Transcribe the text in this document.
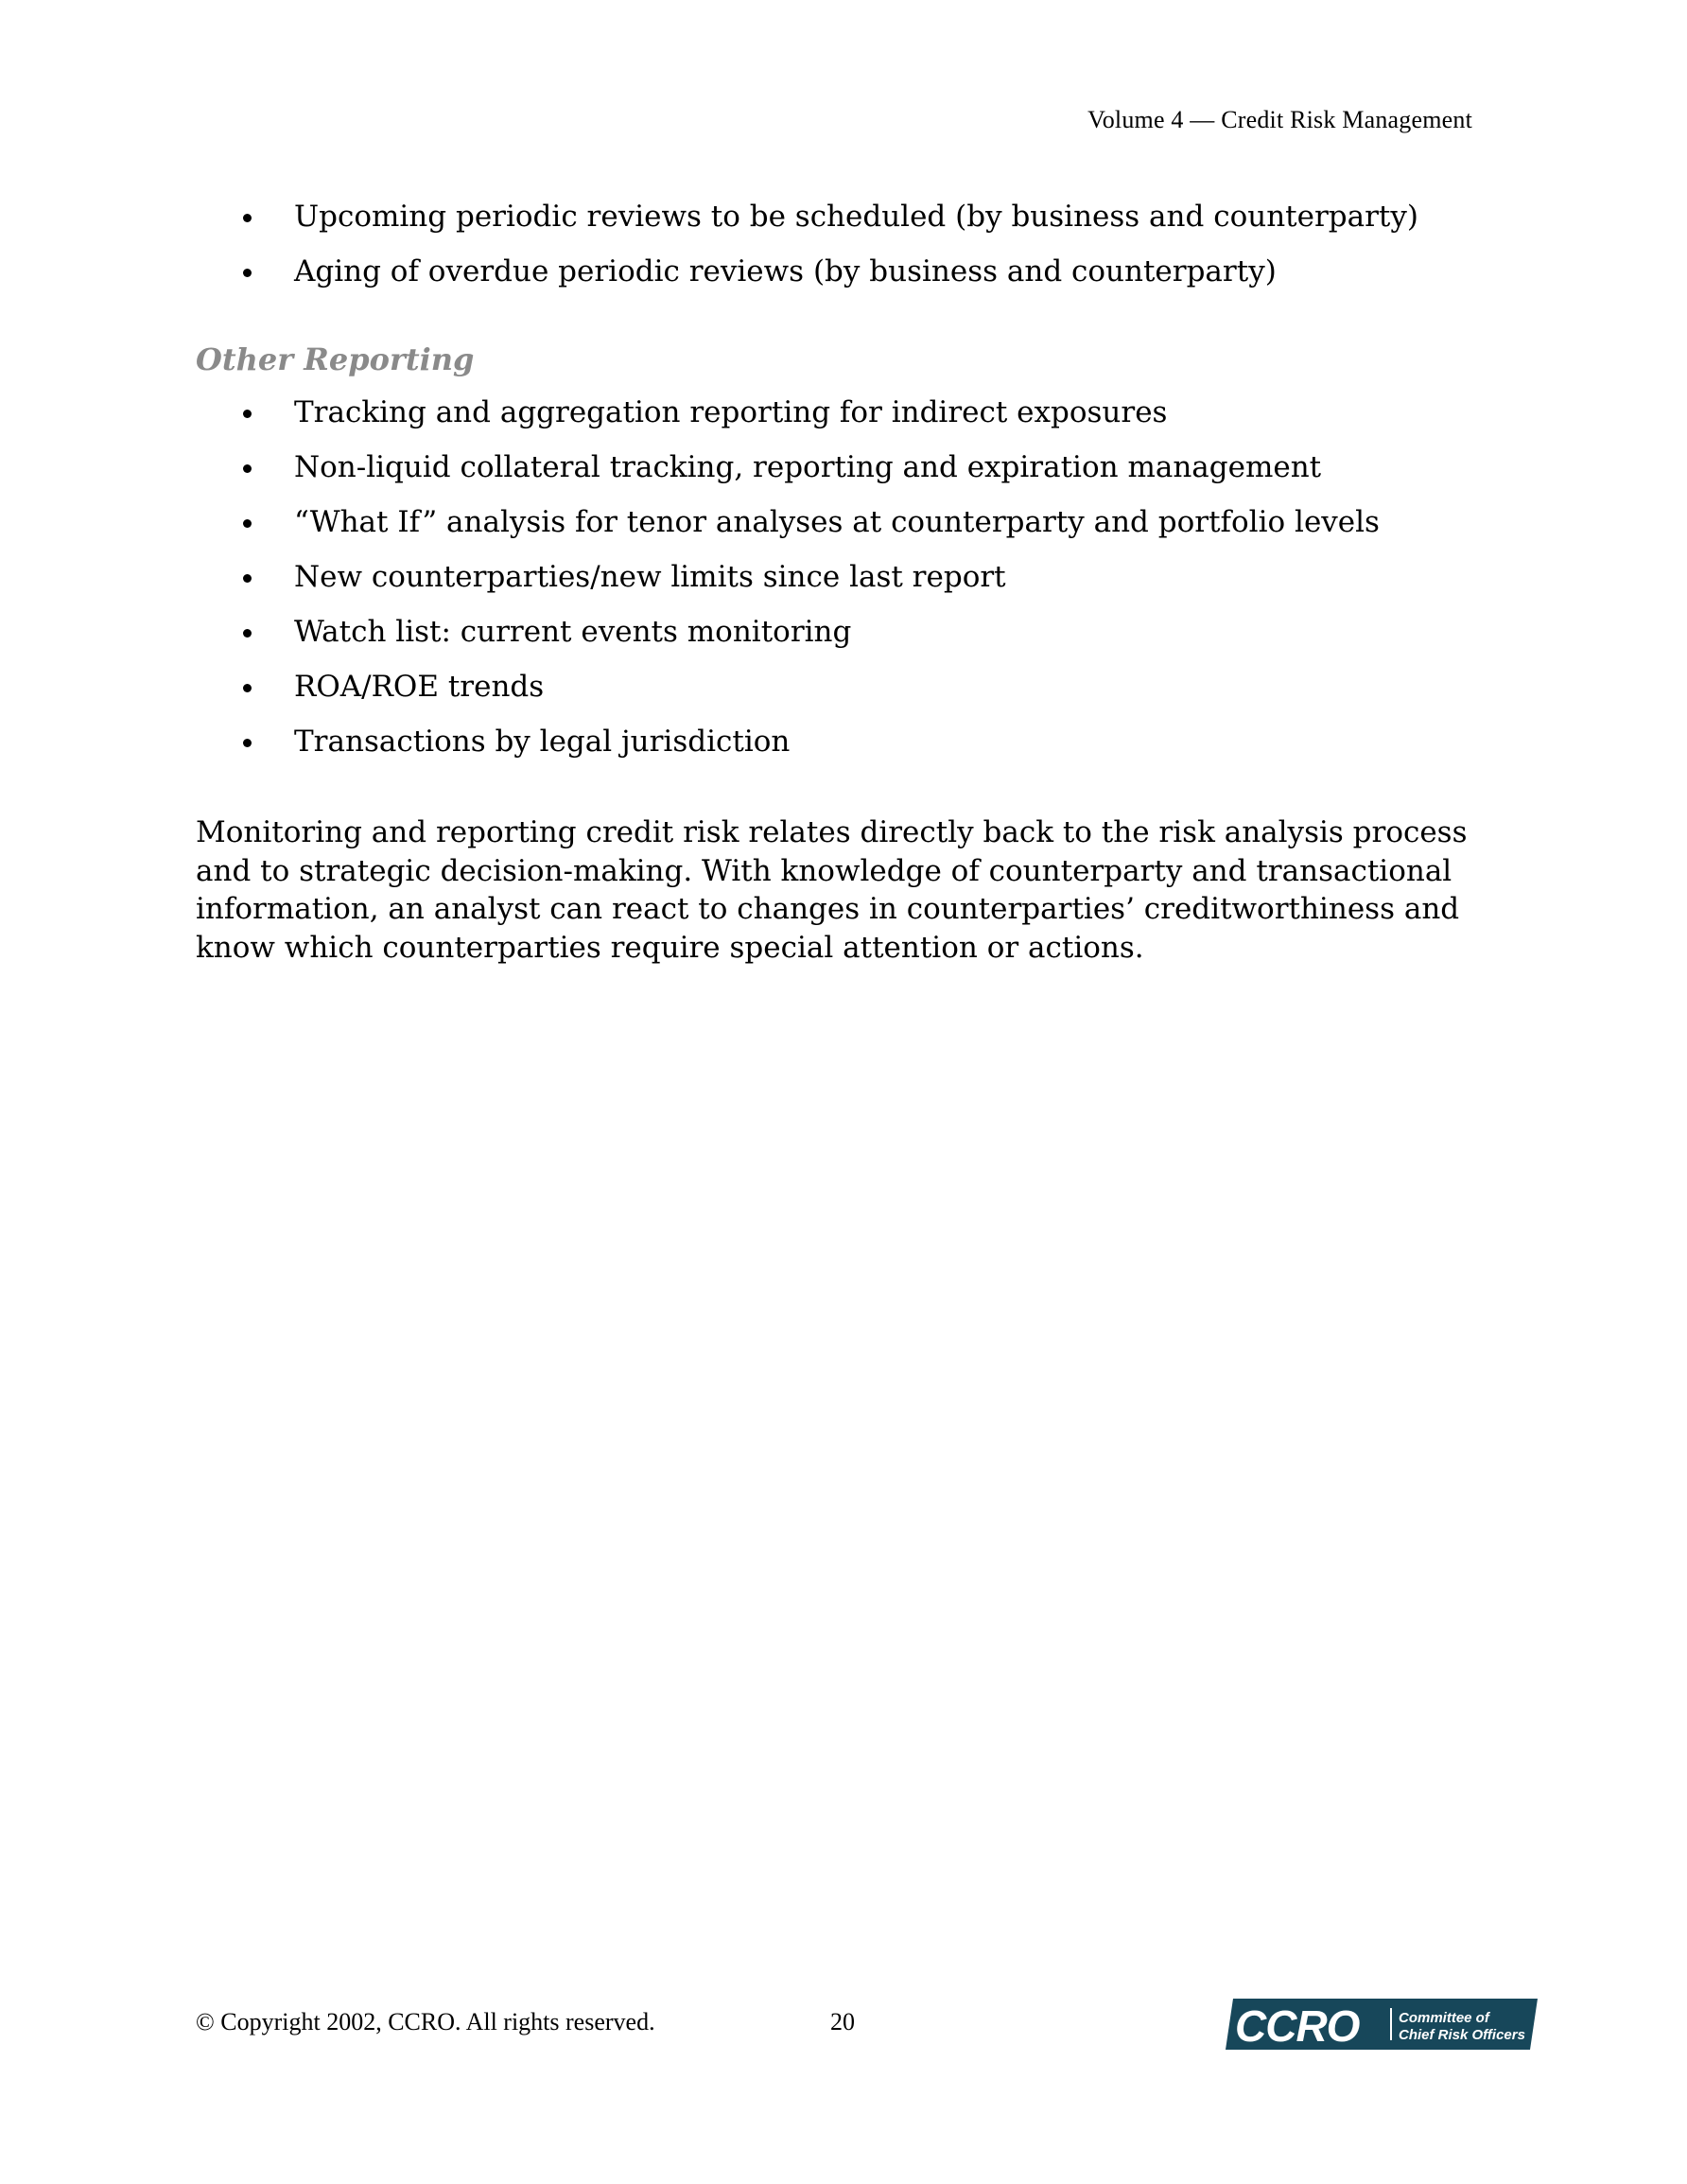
Volume 4 — Credit Risk Management
Upcoming periodic reviews to be scheduled (by business and counterparty)
Aging of overdue periodic reviews (by business and counterparty)
Other Reporting
Tracking and aggregation reporting for indirect exposures
Non-liquid collateral tracking, reporting and expiration management
“What If” analysis for tenor analyses at counterparty and portfolio levels
New counterparties/new limits since last report
Watch list: current events monitoring
ROA/ROE trends
Transactions by legal jurisdiction

Monitoring and reporting credit risk relates directly back to the risk analysis process and to strategic decision-making. With knowledge of counterparty and transactional information, an analyst can react to changes in counterparties’ creditworthiness and know which counterparties require special attention or actions.

© Copyright 2002, CCRO. All rights reserved.	20	CCRO	Committee of
Chief Risk Officers
